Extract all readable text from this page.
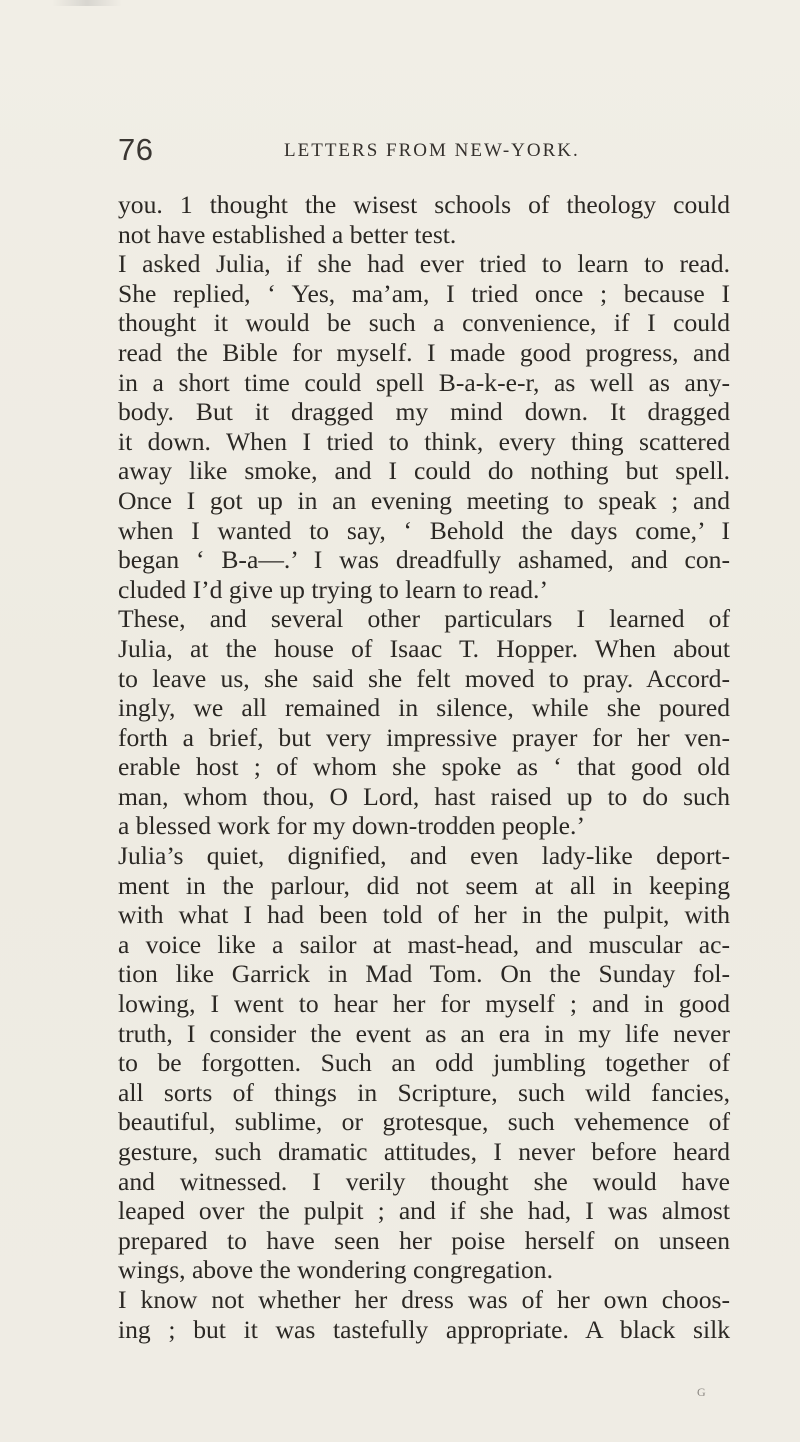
76	LETTERS FROM NEW-YORK.
you. 1 thought the wisest schools of theology could
not have established a better test.
I asked Julia, if she had ever tried to learn to read.
She replied, ‘ Yes, ma’am, I tried once ; because I
thought it would be such a convenience, if I could
read the Bible for myself. I made good progress, and
in a short time could spell B-a-k-e-r, as well as any-
body. But it dragged my mind down. It dragged
it down. When I tried to think, every thing scattered
away like smoke, and I could do nothing but spell.
Once I got up in an evening meeting to speak ; and
when I wanted to say, ‘ Behold the days come,’ I
began ‘ B-a—.’ I was dreadfully ashamed, and con-
cluded I’d give up trying to learn to read.’
These, and several other particulars I learned of
Julia, at the house of Isaac T. Hopper. When about
to leave us, she said she felt moved to pray. Accord-
ingly, we all remained in silence, while she poured
forth a brief, but very impressive prayer for her ven-
erable host ; of whom she spoke as ‘ that good old
man, whom thou, O Lord, hast raised up to do such
a blessed work for my down-trodden people.’
Julia’s quiet, dignified, and even lady-like deport-
ment in the parlour, did not seem at all in keeping
with what I had been told of her in the pulpit, with
a voice like a sailor at mast-head, and muscular ac-
tion like Garrick in Mad Tom. On the Sunday fol-
lowing, I went to hear her for myself ; and in good
truth, I consider the event as an era in my life never
to be forgotten. Such an odd jumbling together of
all sorts of things in Scripture, such wild fancies,
beautiful, sublime, or grotesque, such vehemence of
gesture, such dramatic attitudes, I never before heard
and witnessed. I verily thought she would have
leaped over the pulpit ; and if she had, I was almost
prepared to have seen her poise herself on unseen
wings, above the wondering congregation.
I know not whether her dress was of her own choos-
ing ; but it was tastefully appropriate. A black silk
G
